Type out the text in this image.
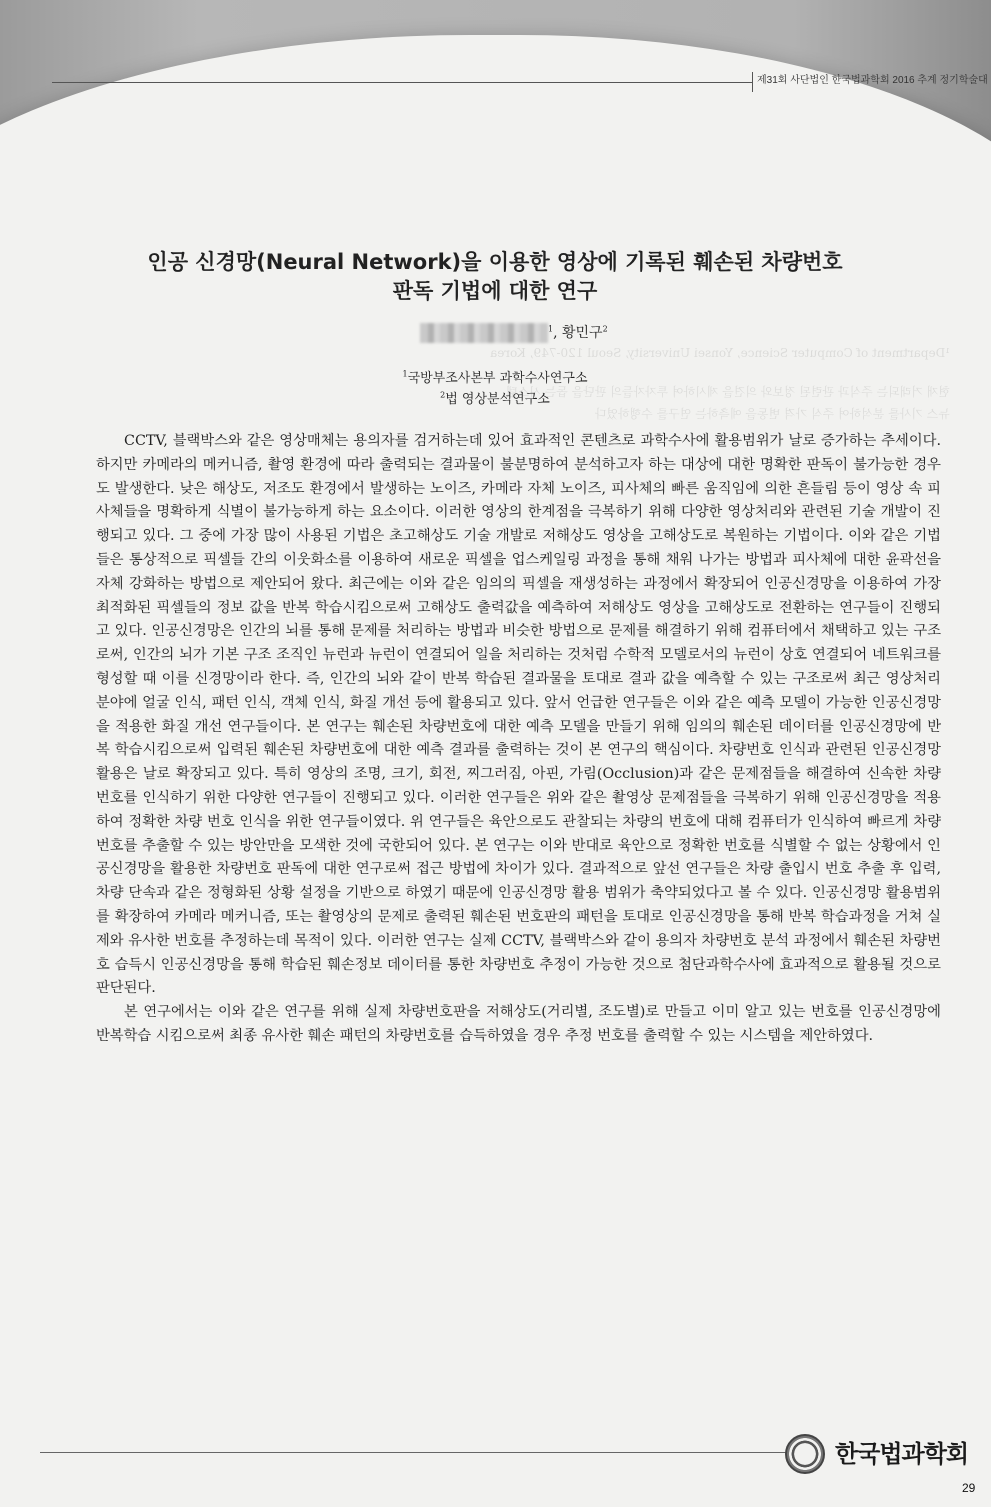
제31회 사단법인 한국법과학회 2016 추계 정기학술대
¹Department of Computer Science, Yonsei University, Seoul 120-749, Korea
현재 거래되는 주식과 관련된 정보와 의견을 제시하여 투자자들의 판단을 돕는 시스템
뉴스 기사를 분석하여 주식 가격 변동을 예측하는 연구를 수행하였다
인공 신경망(Neural Network)을 이용한 영상에 기록된 훼손된 차량번호
판독 기법에 대한 연구
$^1$, 황민구$^2$
$^1$국방부조사본부 과학수사연구소
$^2$법 영상분석연구소

CCTV, 블랙박스와 같은 영상매체는 용의자를 검거하는데 있어 효과적인 콘텐츠로 과학수사에 활용범위가 날로 증가하는 추세이다. 하지만 카메라의 메커니즘, 촬영 환경에 따라 출력되는 결과물이 불분명하여 분석하고자 하는 대상에 대한 명확한 판독이 불가능한 경우도 발생한다. 낮은 해상도, 저조도 환경에서 발생하는 노이즈, 카메라 자체 노이즈, 피사체의 빠른 움직임에 의한 흔들림 등이 영상 속 피사체들을 명확하게 식별이 불가능하게 하는 요소이다. 이러한 영상의 한계점을 극복하기 위해 다양한 영상처리와 관련된 기술 개발이 진행되고 있다. 그 중에 가장 많이 사용된 기법은 초고해상도 기술 개발로 저해상도 영상을 고해상도로 복원하는 기법이다. 이와 같은 기법들은 통상적으로 픽셀들 간의 이웃화소를 이용하여 새로운 픽셀을 업스케일링 과정을 통해 채워 나가는 방법과 피사체에 대한 윤곽선을 자체 강화하는 방법으로 제안되어 왔다. 최근에는 이와 같은 임의의 픽셀을 재생성하는 과정에서 확장되어 인공신경망을 이용하여 가장 최적화된 픽셀들의 정보 값을 반복 학습시킴으로써 고해상도 출력값을 예측하여 저해상도 영상을 고해상도로 전환하는 연구들이 진행되고 있다. 인공신경망은 인간의 뇌를 통해 문제를 처리하는 방법과 비슷한 방법으로 문제를 해결하기 위해 컴퓨터에서 채택하고 있는 구조로써, 인간의 뇌가 기본 구조 조직인 뉴런과 뉴런이 연결되어 일을 처리하는 것처럼 수학적 모델로서의 뉴런이 상호 연결되어 네트워크를 형성할 때 이를 신경망이라 한다. 즉, 인간의 뇌와 같이 반복 학습된 결과물을 토대로 결과 값을 예측할 수 있는 구조로써 최근 영상처리 분야에 얼굴 인식, 패턴 인식, 객체 인식, 화질 개선 등에 활용되고 있다. 앞서 언급한 연구들은 이와 같은 예측 모델이 가능한 인공신경망을 적용한 화질 개선 연구들이다. 본 연구는 훼손된 차량번호에 대한 예측 모델을 만들기 위해 임의의 훼손된 데이터를 인공신경망에 반복 학습시킴으로써 입력된 훼손된 차량번호에 대한 예측 결과를 출력하는 것이 본 연구의 핵심이다. 차량번호 인식과 관련된 인공신경망 활용은 날로 확장되고 있다. 특히 영상의 조명, 크기, 회전, 찌그러짐, 아핀, 가림(Occlusion)과 같은 문제점들을 해결하여 신속한 차량번호를 인식하기 위한 다양한 연구들이 진행되고 있다. 이러한 연구들은 위와 같은 촬영상 문제점들을 극복하기 위해 인공신경망을 적용하여 정확한 차량 번호 인식을 위한 연구들이였다. 위 연구들은 육안으로도 관찰되는 차량의 번호에 대해 컴퓨터가 인식하여 빠르게 차량 번호를 추출할 수 있는 방안만을 모색한 것에 국한되어 있다. 본 연구는 이와 반대로 육안으로 정확한 번호를 식별할 수 없는 상황에서 인공신경망을 활용한 차량번호 판독에 대한 연구로써 접근 방법에 차이가 있다. 결과적으로 앞선 연구들은 차량 출입시 번호 추출 후 입력, 차량 단속과 같은 정형화된 상황 설정을 기반으로 하였기 때문에 인공신경망 활용 범위가 축약되었다고 볼 수 있다. 인공신경망 활용범위를 확장하여 카메라 메커니즘, 또는 촬영상의 문제로 출력된 훼손된 번호판의 패턴을 토대로 인공신경망을 통해 반복 학습과정을 거쳐 실제와 유사한 번호를 추정하는데 목적이 있다. 이러한 연구는 실제 CCTV, 블랙박스와 같이 용의자 차량번호 분석 과정에서 훼손된 차량번호 습득시 인공신경망을 통해 학습된 훼손정보 데이터를 통한 차량번호 추정이 가능한 것으로 첨단과학수사에 효과적으로 활용될 것으로 판단된다.

본 연구에서는 이와 같은 연구를 위해 실제 차량번호판을 저해상도(거리별, 조도별)로 만들고 이미 알고 있는 번호를 인공신경망에 반복학습 시킴으로써 최종 유사한 훼손 패턴의 차량번호를 습득하였을 경우 추정 번호를 출력할 수 있는 시스템을 제안하였다.

한국법과학회
29
